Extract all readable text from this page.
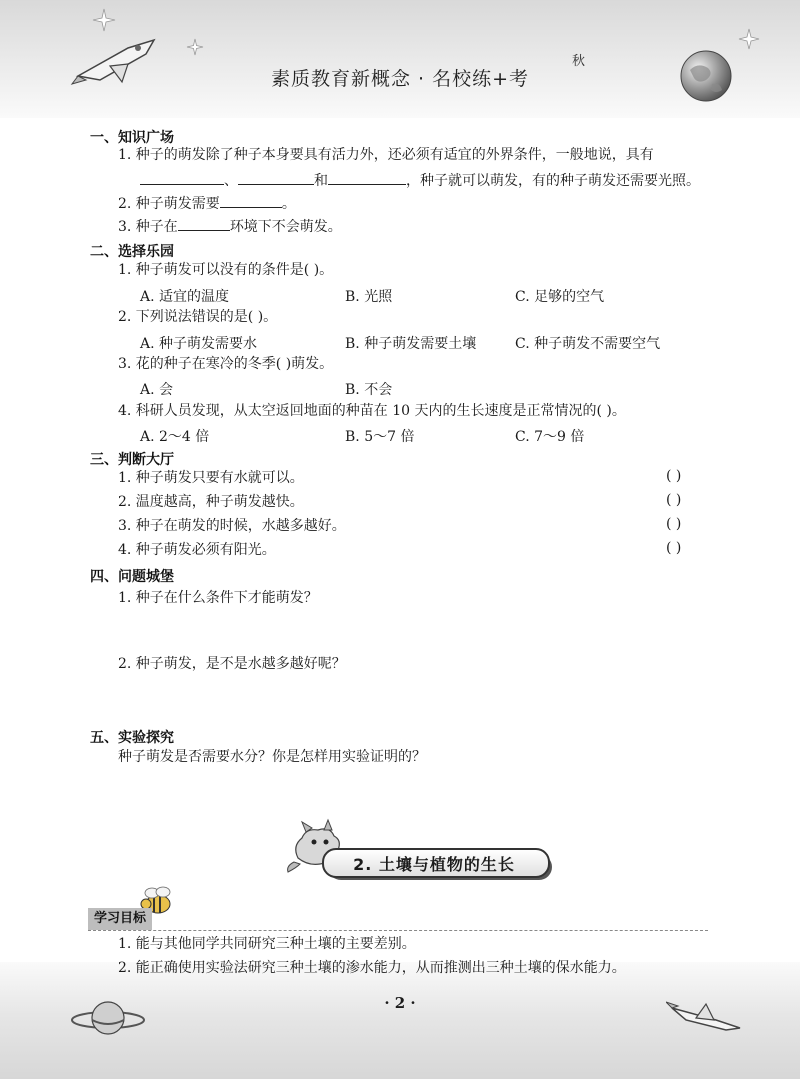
素质教育新概念 · 名校练+考
秋
一、知识广场
1. 种子的萌发除了种子本身要具有活力外，还必须有适宜的外界条件，一般地说，具有
、	和	，种子就可以萌发，有的种子萌发还需要光照。
2. 种子萌发需要	。
3. 种子在	环境下不会萌发。
二、选择乐园
1. 种子萌发可以没有的条件是( )。
A. 适宜的温度	B. 光照	C. 足够的空气
2. 下列说法错误的是( )。
A. 种子萌发需要水	B. 种子萌发需要土壤	C. 种子萌发不需要空气
3. 花的种子在寒冷的冬季( )萌发。
A. 会	B. 不会
4. 科研人员发现，从太空返回地面的种苗在 10 天内的生长速度是正常情况的( )。
A. 2～4 倍	B. 5～7 倍	C. 7～9 倍
三、判断大厅
1. 种子萌发只要有水就可以。	( )
2. 温度越高，种子萌发越快。	( )
3. 种子在萌发的时候，水越多越好。	( )
4. 种子萌发必须有阳光。	( )
四、问题城堡
1. 种子在什么条件下才能萌发？
2. 种子萌发，是不是水越多越好呢？
五、实验探究
种子萌发是否需要水分？你是怎样用实验证明的？
2. 土壤与植物的生长
学习目标
1. 能与其他同学共同研究三种土壤的主要差别。
2. 能正确使用实验法研究三种土壤的渗水能力，从而推测出三种土壤的保水能力。
· 2 ·
